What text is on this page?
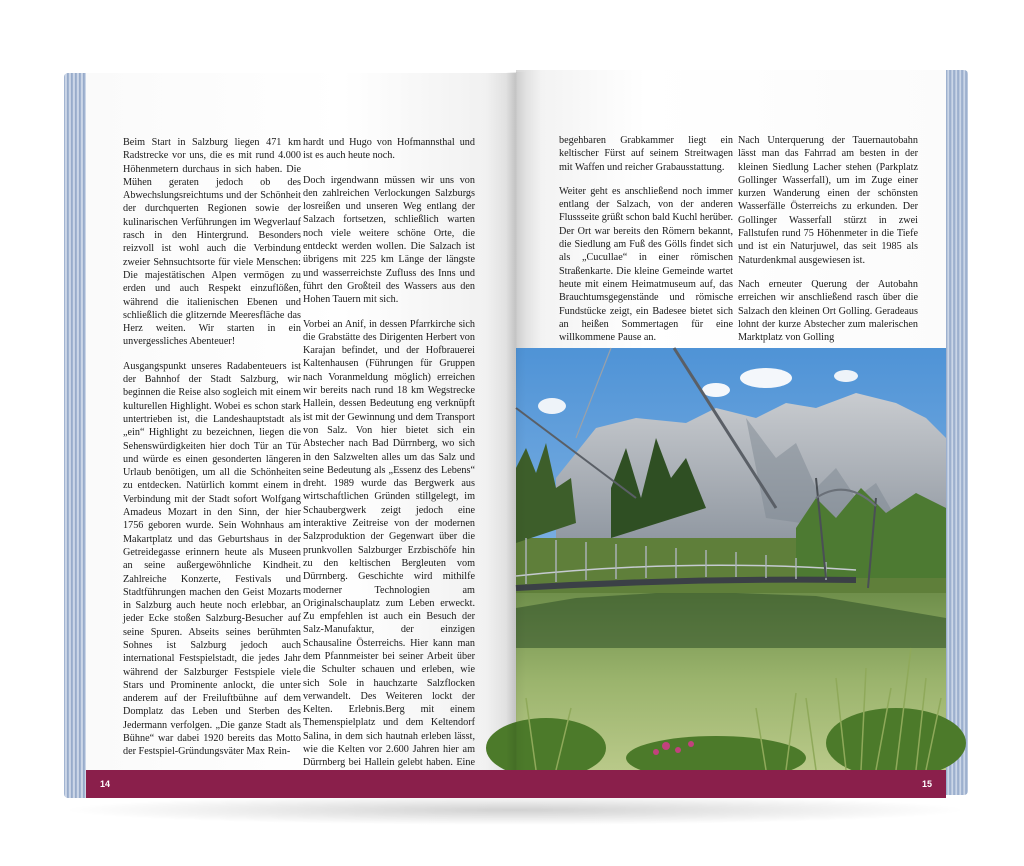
Beim Start in Salzburg liegen 471 km Radstrecke vor uns, die es mit rund 4.000 Höhenmetern durchaus in sich haben. Die Mühen geraten jedoch ob des Abwechslungsreichtums und der Schönheit der durchquerten Regionen sowie der kulinarischen Verführungen im Wegverlauf rasch in den Hintergrund. Besonders reizvoll ist wohl auch die Verbindung zweier Sehnsuchtsorte für viele Menschen: Die majestätischen Alpen vermögen zu erden und auch Respekt einzuflößen, während die italienischen Ebenen und schließlich die glitzernde Meeresfläche das Herz weiten. Wir starten in ein unvergessliches Abenteuer!

Ausgangspunkt unseres Radabenteuers ist der Bahnhof der Stadt Salzburg, wir beginnen die Reise also sogleich mit einem kulturellen Highlight. Wobei es schon stark untertrieben ist, die Landeshauptstadt als „ein“ Highlight zu bezeichnen, liegen die Sehenswürdigkeiten hier doch Tür an Tür und würde es einen gesonderten längeren Urlaub benötigen, um all die Schönheiten zu entdecken. Natürlich kommt einem in Verbindung mit der Stadt sofort Wolfgang Amadeus Mozart in den Sinn, der hier 1756 geboren wurde. Sein Wohnhaus am Makartplatz und das Geburtshaus in der Getreidegasse erinnern heute als Museen an seine außergewöhnliche Kindheit. Zahlreiche Konzerte, Festivals und Stadtführungen machen den Geist Mozarts in Salzburg auch heute noch erlebbar, an jeder Ecke stoßen Salzburg-Besucher auf seine Spuren. Abseits seines berühmten Sohnes ist Salzburg jedoch auch international Festspielstadt, die jedes Jahr während der Salzburger Festspiele viele Stars und Prominente anlockt, die unter anderem auf der Freiluftbühne auf dem Domplatz das Leben und Sterben des Jedermann verfolgen. „Die ganze Stadt als Bühne“ war dabei 1920 bereits das Motto der Festspiel-Gründungsväter Max Rein-

hardt und Hugo von Hofmannsthal und ist es auch heute noch.

Doch irgendwann müssen wir uns von den zahlreichen Verlockungen Salzburgs losreißen und unseren Weg entlang der Salzach fortsetzen, schließlich warten noch viele weitere schöne Orte, die entdeckt werden wollen. Die Salzach ist übrigens mit 225 km Länge der längste und wasserreichste Zufluss des Inns und führt den Großteil des Wassers aus den Hohen Tauern mit sich.

Vorbei an Anif, in dessen Pfarrkirche sich die Grabstätte des Dirigenten Herbert von Karajan befindet, und der Hofbrauerei Kaltenhausen (Führungen für Gruppen nach Voranmeldung möglich) erreichen wir bereits nach rund 18 km Wegstrecke Hallein, dessen Bedeutung eng verknüpft ist mit der Gewinnung und dem Transport von Salz. Von hier bietet sich ein Abstecher nach Bad Dürrnberg, wo sich in den Salzwelten alles um das Salz und seine Bedeutung als „Essenz des Lebens“ dreht. 1989 wurde das Bergwerk aus wirtschaftlichen Gründen stillgelegt, im Schaubergwerk zeigt jedoch eine interaktive Zeitreise von der modernen Salzproduktion der Gegenwart über die prunkvollen Salzburger Erzbischöfe hin zu den keltischen Bergleuten vom Dürrnberg. Geschichte wird mithilfe moderner Technologien am Originalschauplatz zum Leben erweckt. Zu empfehlen ist auch ein Besuch der Salz-Manufaktur, der einzigen Schausaline Österreichs. Hier kann man dem Pfannmeister bei seiner Arbeit über die Schulter schauen und erleben, wie sich Sole in hauchzarte Salzflocken verwandelt. Des Weiteren lockt der Kelten. Erlebnis.Berg mit einem Themenspielplatz und dem Keltendorf Salina, in dem sich hautnah erleben lässt, wie die Kelten vor 2.600 Jahren hier am Dürrnberg bei Hallein gelebt haben. Eine

begehbaren Grabkammer liegt ein keltischer Fürst auf seinem Streitwagen mit Waffen und reicher Grabausstattung.

Weiter geht es anschließend noch immer entlang der Salzach, von der anderen Flussseite grüßt schon bald Kuchl herüber. Der Ort war bereits den Römern bekannt, die Siedlung am Fuß des Gölls findet sich als „Cucullae“ in einer römischen Straßenkarte. Die kleine Gemeinde wartet heute mit einem Heimatmuseum auf, das Brauchtumsgegenstände und römische Fundstücke zeigt, ein Badesee bietet sich an heißen Sommertagen für eine willkommene Pause an.

Nach Unterquerung der Tauernautobahn lässt man das Fahrrad am besten in der kleinen Siedlung Lacher stehen (Parkplatz Gollinger Wasserfall), um im Zuge einer kurzen Wanderung einen der schönsten Wasserfälle Österreichs zu erkunden. Der Gollinger Wasserfall stürzt in zwei Fallstufen rund 75 Höhenmeter in die Tiefe und ist ein Naturjuwel, das seit 1985 als Naturdenkmal ausgewiesen ist.

Nach erneuter Querung der Autobahn erreichen wir anschließend rasch über die Salzach den kleinen Ort Golling. Geradeaus lohnt der kurze Abstecher zum malerischen Marktplatz von Golling

14	15
